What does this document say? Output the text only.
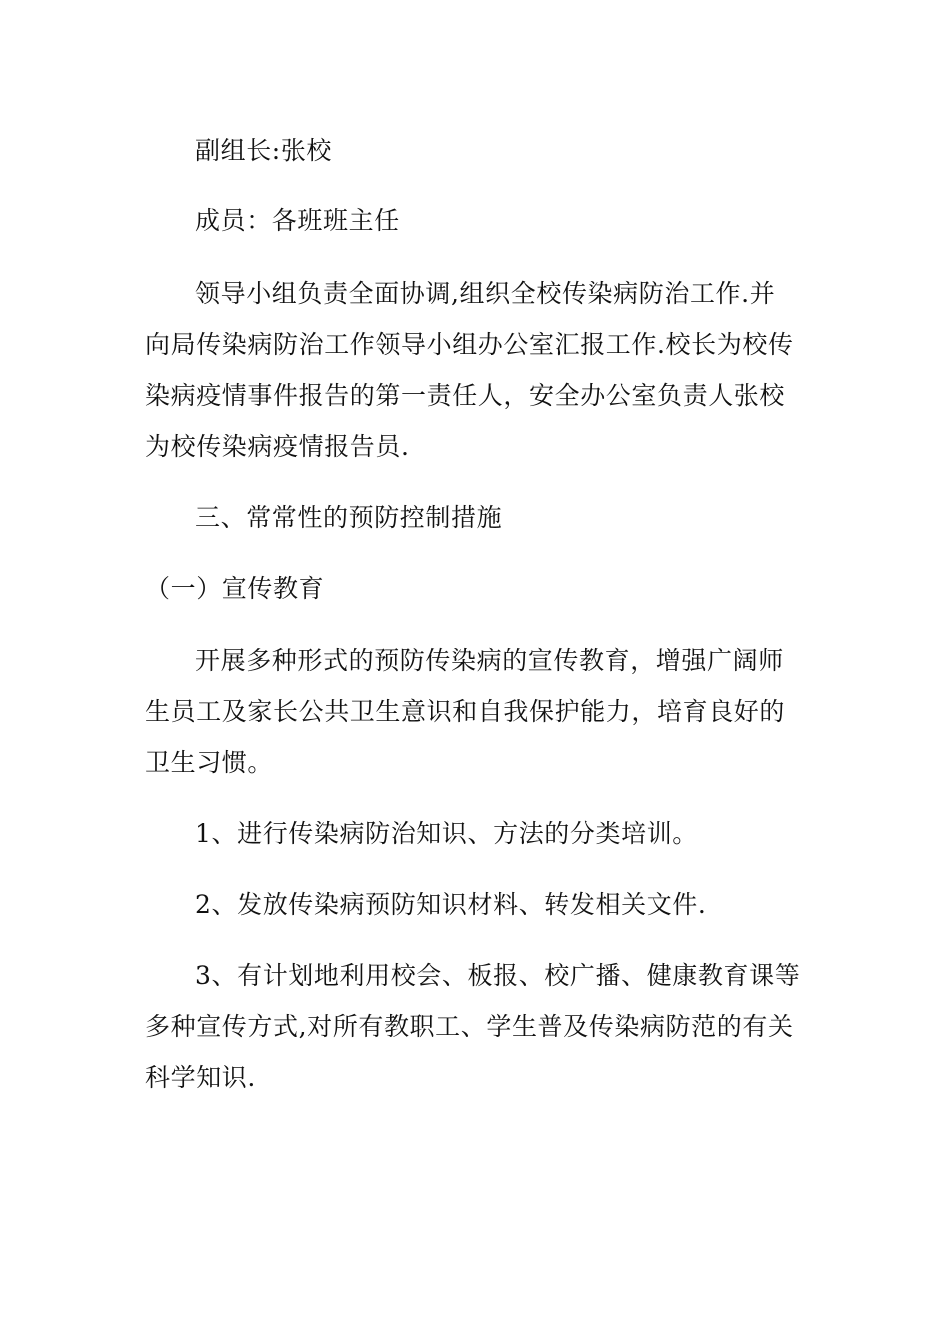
副组长:张校
成员：各班班主任
领导小组负责全面协调,组织全校传染病防治工作.并
向局传染病防治工作领导小组办公室汇报工作.校长为校传
染病疫情事件报告的第一责任人，安全办公室负责人张校
为校传染病疫情报告员.
三、常常性的预防控制措施
（一）宣传教育
开展多种形式的预防传染病的宣传教育，增强广阔师
生员工及家长公共卫生意识和自我保护能力，培育良好的
卫生习惯。
1、进行传染病防治知识、方法的分类培训。
2、发放传染病预防知识材料、转发相关文件.
3、有计划地利用校会、板报、校广播、健康教育课等
多种宣传方式,对所有教职工、学生普及传染病防范的有关
科学知识.
